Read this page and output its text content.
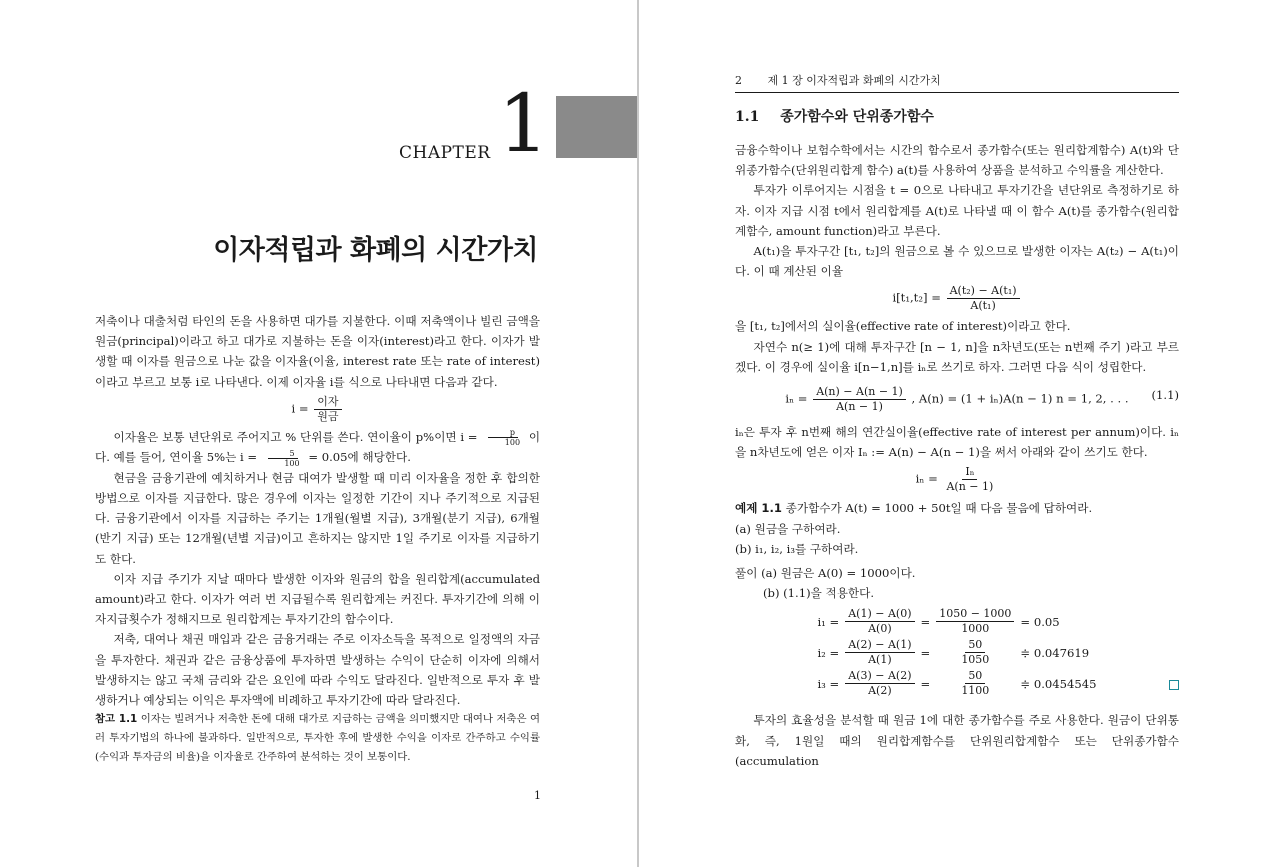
CHAPTER 1
이자적립과 화폐의 시간가치

저축이나 대출처럼 타인의 돈을 사용하면 대가를 지불한다. 이때 저축액이나 빌린 금액을 원금(principal)이라고 하고 대가로 지불하는 돈을 이자(interest)라고 한다. 이자가 발생할 때 이자를 원금으로 나눈 값을 이자율(이율, interest rate 또는 rate of interest)이라고 부르고 보통 i로 나타낸다. 이제 이자율 i를 식으로 나타내면 다음과 같다.

$i = \frac{\text{이자}}{\text{원금}}$

이자율은 보통 년단위로 주어지고 % 단위를 쓴다. 연이율이 p%이면 $i = \frac{p}{100}$ 이다. 예를 들어, 연이율 5%는 $i = \frac{5}{100} = 0.05$에 해당한다.

현금을 금융기관에 예치하거나 현금 대여가 발생할 때 미리 이자율을 정한 후 합의한 방법으로 이자를 지급한다. 많은 경우에 이자는 일정한 기간이 지나 주기적으로 지급된다. 금융기관에서 이자를 지급하는 주기는 1개월(월별 지급), 3개월(분기 지급), 6개월(반기 지급) 또는 12개월(년별 지급)이고 흔하지는 않지만 1일 주기로 이자를 지급하기도 한다.

이자 지급 주기가 지날 때마다 발생한 이자와 원금의 합을 원리합계(accumulated amount)라고 한다. 이자가 여러 번 지급될수록 원리합계는 커진다. 투자기간에 의해 이자지급횟수가 정해지므로 원리합계는 투자기간의 함수이다.

저축, 대여나 채권 매입과 같은 금융거래는 주로 이자소득을 목적으로 일정액의 자금을 투자한다. 채권과 같은 금융상품에 투자하면 발생하는 수익이 단순히 이자에 의해서 발생하지는 않고 국채 금리와 같은 요인에 따라 수익도 달라진다. 일반적으로 투자 후 발생하거나 예상되는 이익은 투자액에 비례하고 투자기간에 따라 달라진다.

참고 1.1 이자는 빌려거나 저축한 돈에 대해 대가로 지급하는 금액을 의미했지만 대여나 저축은 여러 투자기법의 하나에 불과하다. 일반적으로, 투자한 후에 발생한 수익을 이자로 간주하고 수익률(수익과 투자금의 비율)을 이자율로 간주하여 분석하는 것이 보통이다.

1
2 제 1 장 이자적립과 화폐의 시간가치
1.1 종가함수와 단위종가함수

금융수학이나 보험수학에서는 시간의 함수로서 종가함수(또는 원리합계함수) A(t)와 단위종가함수(단위원리합계 함수) a(t)를 사용하여 상품을 분석하고 수익률을 계산한다.

투자가 이루어지는 시점을 t = 0으로 나타내고 투자기간을 년단위로 측정하기로 하자. 이자 지급 시점 t에서 원리합계를 A(t)로 나타낼 때 이 함수 A(t)를 종가함수(원리합계함수, amount function)라고 부른다.

A(t₁)을 투자구간 [t₁, t₂]의 원금으로 볼 수 있으므로 발생한 이자는 A(t₂) − A(t₁)이다. 이 때 계산된 이율

$i[t_1,t_2] = \frac{\text{A(t₂) − A(t₁)}}{\text{A(t₁)}}$

을 [t₁, t₂]에서의 실이율(effective rate of interest)이라고 한다.

자연수 n(≥ 1)에 대해 투자구간 [n − 1, n]을 n차년도(또는 n번째 주기 )라고 부르겠다. 이 경우에 실이율 i[n−1,n]를 iₙ로 쓰기로 하자. 그러면 다음 식이 성립한다.

$i_n = \frac{A(n) - A(n - 1)}{A(n - 1)}$ , A(n) = (1 + iₙ)A(n − 1) n = 1, 2, . . . (1.1)

iₙ은 투자 후 n번째 해의 연간실이율(effective rate of interest per annum)이다. iₙ을 n차년도에 얻은 이자 Iₙ := A(n) − A(n − 1)을 써서 아래와 같이 쓰기도 한다.

$i_n = \frac{\text{Iₙ}}{A(n - 1)}$

예제 1.1 종가함수가 A(t) = 1000 + 50t일 때 다음 물음에 답하여라.

(a) 원금을 구하여라.

(b) i₁, i₂, i₃를 구하여라.

풀이 (a) 원금은 A(0) = 1000이다.

(b) (1.1)을 적용한다.

$i_1 = \frac{A(1) - A(0)}{A(0)} = \frac{1050 - 1000}{1000} = 0.05$
$i_2 = \frac{A(2) - A(1)}{A(1)} = \frac{50}{1050}$ ≑ 0.047619
$i_3 = \frac{A(3) - A(2)}{A(2)} = \frac{50}{1100}$ ≑ 0.0454545

투자의 효율성을 분석할 때 원금 1에 대한 종가함수를 주로 사용한다. 원금이 단위통화, 즉, 1원일 때의 원리합계함수를 단위원리합계함수 또는 단위종가함수(accumulation
